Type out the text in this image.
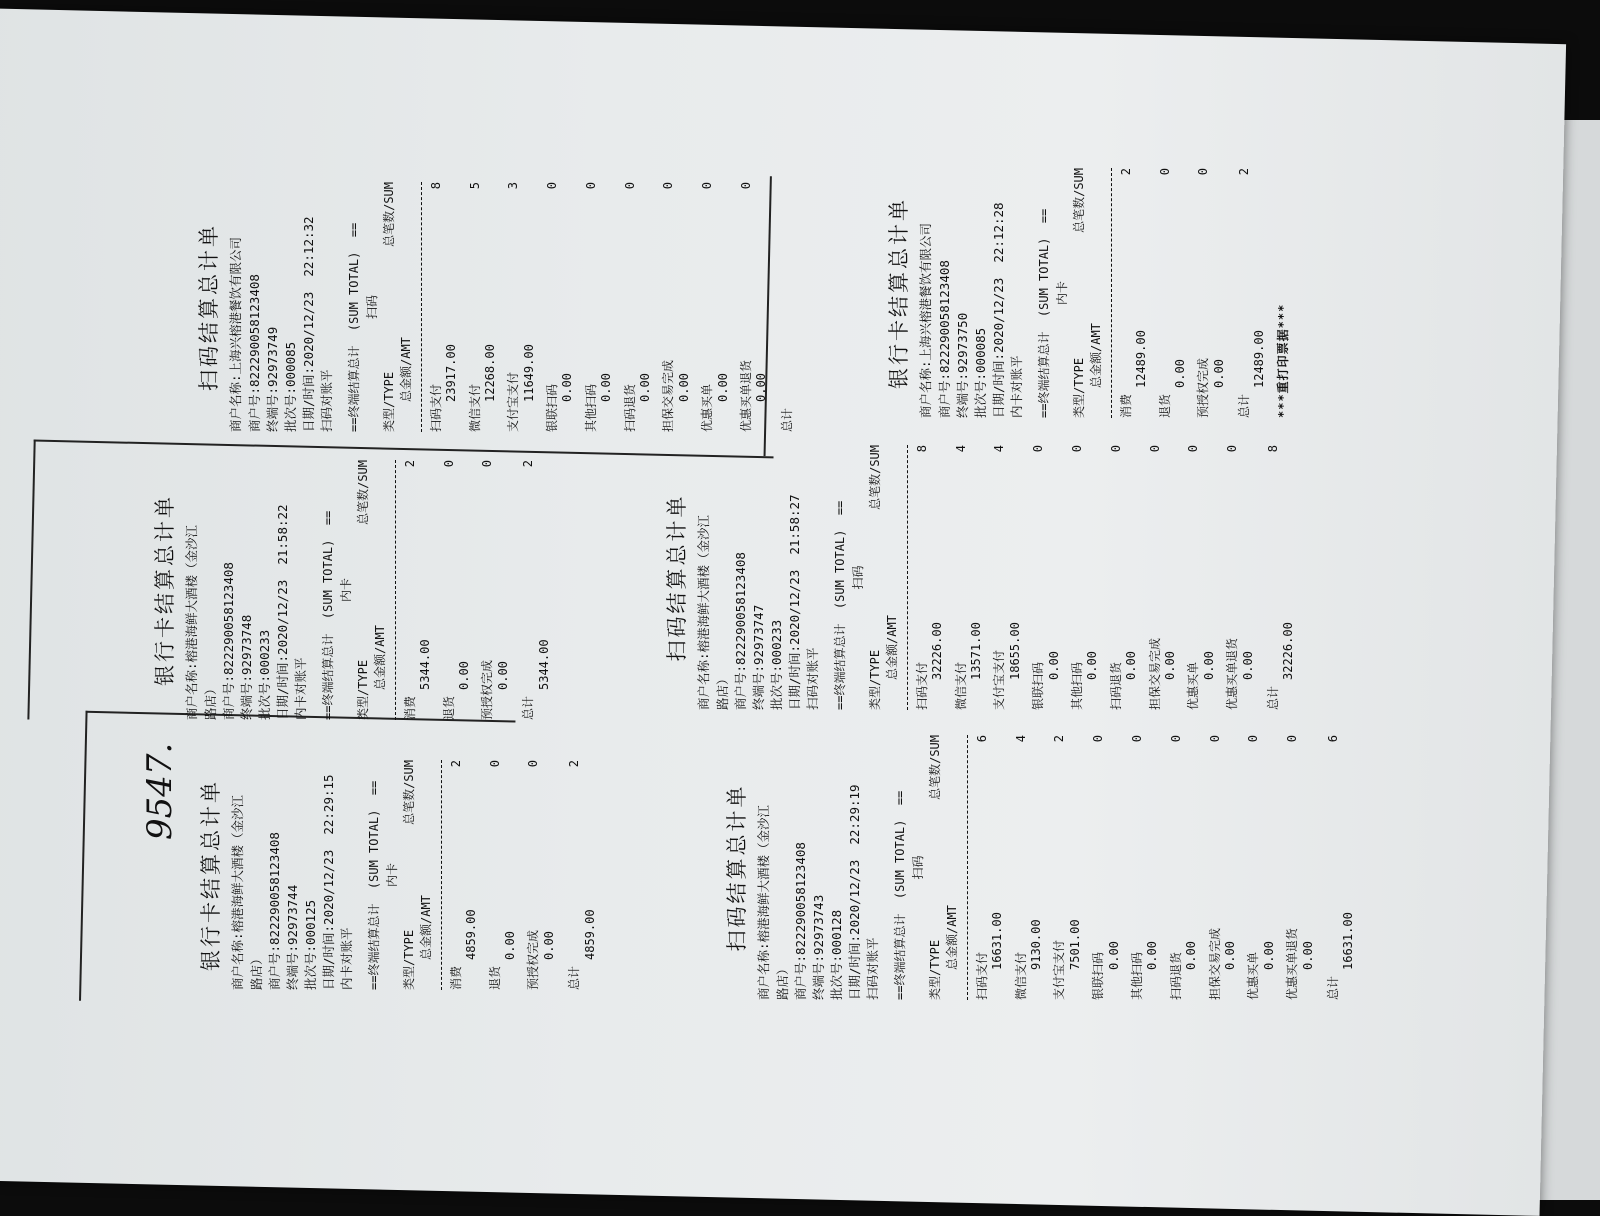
9547. 银行卡结算总计单 商户名称:榕港海鲜大酒楼（金沙江 路店） 商户号:822290058123408 终端号:92973744 批次号:000125 日期/时间:2020/12/23  22:29:15 内卡对账平 ==终端结算总计  (SUM TOTAL)  == 内卡
类型/TYPE
总笔数/SUM
总金额/AMT
消费
2
4859.00
退货
0
0.00 预授权完成
0
0.00
总计
2
4859.00	扫码结算总计单 商户名称:榕港海鲜大酒楼（金沙江 路店） 商户号:822290058123408 终端号:92973743 批次号:000128 日期/时间:2020/12/23  22:29:19 扫码对账平 ==终端结算总计  (SUM TOTAL)  == 扫码
类型/TYPE
总笔数/SUM
总金额/AMT
扫码支付
6
16631.00
微信支付
4
9130.00 支付宝支付
2
7501.00
银联扫码
0
0.00 其他扫码
0
0.00 扫码退货
0
0.00 担保交易完成
0
0.00 优惠买单
0
0.00 优惠买单退货
0
0.00
总计
6
16631.00
银行卡结算总计单 商户名称:榕港海鲜大酒楼（金沙江 路店） 商户号:822290058123408 终端号:92973748 批次号:000233 日期/时间:2020/12/23  21:58:22 内卡对账平 ==终端结算总计  (SUM TOTAL)  == 内卡
类型/TYPE
总笔数/SUM
总金额/AMT
消费
2
5344.00
退货
0
0.00 预授权完成
0
0.00
总计
2
5344.00
扫码结算总计单 商户名称:榕港海鲜大酒楼（金沙江 路店） 商户号:822290058123408 终端号:92973747 批次号:000233 日期/时间:2020/12/23  21:58:27 扫码对账平 ==终端结算总计  (SUM TOTAL)  == 扫码
类型/TYPE
总笔数/SUM
总金额/AMT
扫码支付
8
32226.00
微信支付
4
13571.00 支付宝支付
4
18655.00
银联扫码
0
0.00 其他扫码
0
0.00 扫码退货
0
0.00 担保交易完成
0
0.00 优惠买单
0
0.00 优惠买单退货
0
0.00
总计
8
32226.00
扫码结算总计单 商户名称:上海兴榕港餐饮有限公司 商户号:822290058123408 终端号:92973749 批次号:000085 日期/时间:2020/12/23  22:12:32 扫码对账平 ==终端结算总计  (SUM TOTAL)  == 扫码
类型/TYPE
总笔数/SUM
总金额/AMT
扫码支付
8
23917.00
微信支付
5
12268.00 支付宝支付
3
11649.00
银联扫码
0
0.00 其他扫码
0
0.00 扫码退货
0
0.00 担保交易完成
0
0.00 优惠买单
0
0.00 优惠买单退货
0
0.00
总计
银行卡结算总计单 商户名称:上海兴榕港餐饮有限公司 商户号:822290058123408 终端号:92973750 批次号:000085 日期/时间:2020/12/23  22:12:28 内卡对账平 ==终端结算总计  (SUM TOTAL)  == 内卡
类型/TYPE
总笔数/SUM
总金额/AMT
消费
2
12489.00
退货
0
0.00 预授权完成
0
0.00
总计
2
12489.00 ***重打印票据***
